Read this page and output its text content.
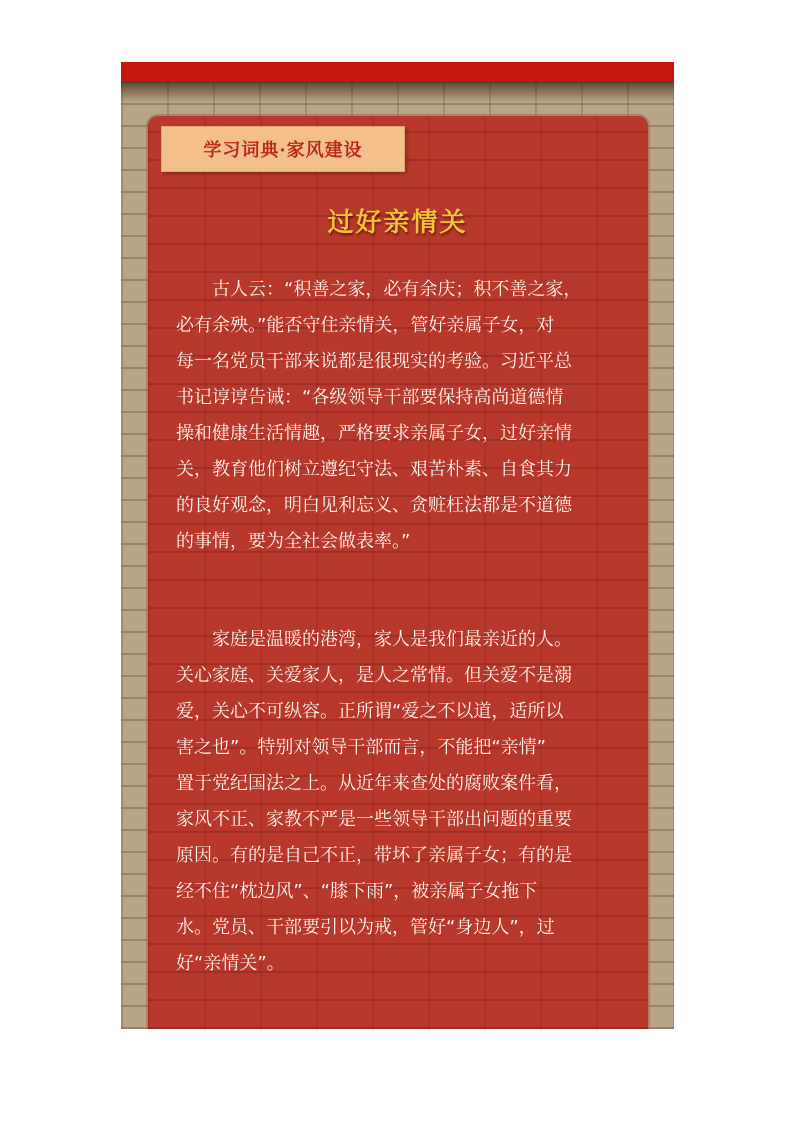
学习词典·家风建设
过好亲情关
　　古人云：“积善之家，必有余庆；积不善之家，
必有余殃。”能否守住亲情关，管好亲属子女，对
每一名党员干部来说都是很现实的考验。习近平总
书记谆谆告诫：“各级领导干部要保持高尚道德情
操和健康生活情趣，严格要求亲属子女，过好亲情
关，教育他们树立遵纪守法、艰苦朴素、自食其力
的良好观念，明白见利忘义、贪赃枉法都是不道德
的事情，要为全社会做表率。”
　　家庭是温暖的港湾，家人是我们最亲近的人。
关心家庭、关爱家人，是人之常情。但关爱不是溺
爱，关心不可纵容。正所谓“爱之不以道，适所以
害之也”。特别对领导干部而言，不能把“亲情”
置于党纪国法之上。从近年来查处的腐败案件看，
家风不正、家教不严是一些领导干部出问题的重要
原因。有的是自己不正，带坏了亲属子女；有的是
经不住“枕边风”、“膝下雨”，被亲属子女拖下
水。党员、干部要引以为戒，管好“身边人”，过
好“亲情关”。
